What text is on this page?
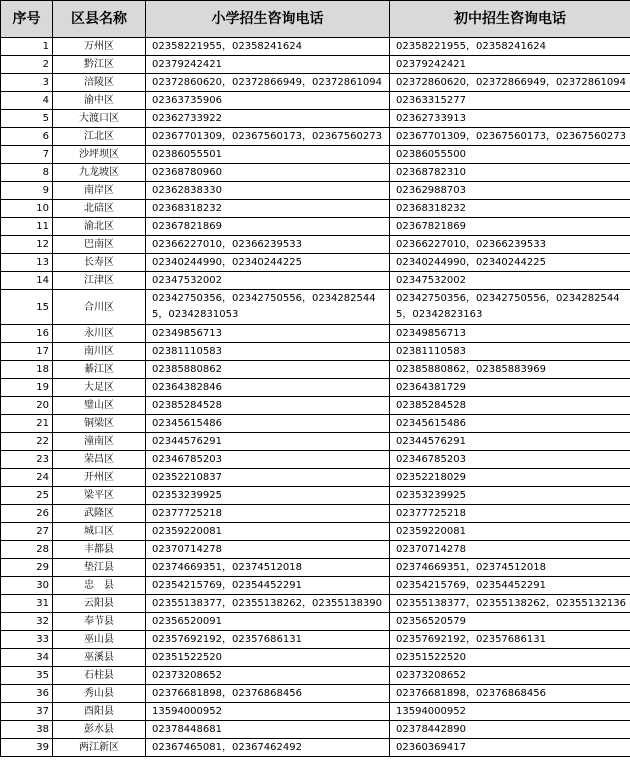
序号	区县名称	小学招生咨询电话	初中招生咨询电话
1	万州区	02358221955，02358241624	02358221955，02358241624
2	黔江区	02379242421	02379242421
3	涪陵区	02372860620，02372866949，02372861094	02372860620，02372866949，02372861094
4	渝中区	02363735906	02363315277
5	大渡口区	02362733922	02362733913
6	江北区	02367701309，02367560173，02367560273	02367701309，02367560173，02367560273
7	沙坪坝区	02386055501	02386055500
8	九龙坡区	02368780960	02368782310
9	南岸区	02362838330	02362988703
10	北碚区	02368318232	02368318232
11	渝北区	02367821869	02367821869
12	巴南区	02366227010，02366239533	02366227010，02366239533
13	长寿区	02340244990，02340244225	02340244990，02340244225
14	江津区	02347532002	02347532002
15	合川区	02342750356，02342750556，02342825445，02342831053	02342750356，02342750556，02342825445，02342823163
16	永川区	02349856713	02349856713
17	南川区	02381110583	02381110583
18	綦江区	02385880862	02385880862，02385883969
19	大足区	02364382846	02364381729
20	璧山区	02385284528	02385284528
21	铜梁区	02345615486	02345615486
22	潼南区	02344576291	02344576291
23	荣昌区	02346785203	02346785203
24	开州区	02352210837	02352218029
25	梁平区	02353239925	02353239925
26	武隆区	02377725218	02377725218
27	城口区	02359220081	02359220081
28	丰都县	02370714278	02370714278
29	垫江县	02374669351，02374512018	02374669351，02374512018
30	忠　县	02354215769，02354452291	02354215769，02354452291
31	云阳县	02355138377，02355138262，02355138390	02355138377，02355138262，02355132136
32	奉节县	02356520091	02356520579
33	巫山县	02357692192，02357686131	02357692192，02357686131
34	巫溪县	02351522520	02351522520
35	石柱县	02373208652	02373208652
36	秀山县	02376681898，02376868456	02376681898，02376868456
37	酉阳县	13594000952	13594000952
38	彭水县	02378448681	02378442890
39	两江新区	02367465081，02367462492	02360369417
